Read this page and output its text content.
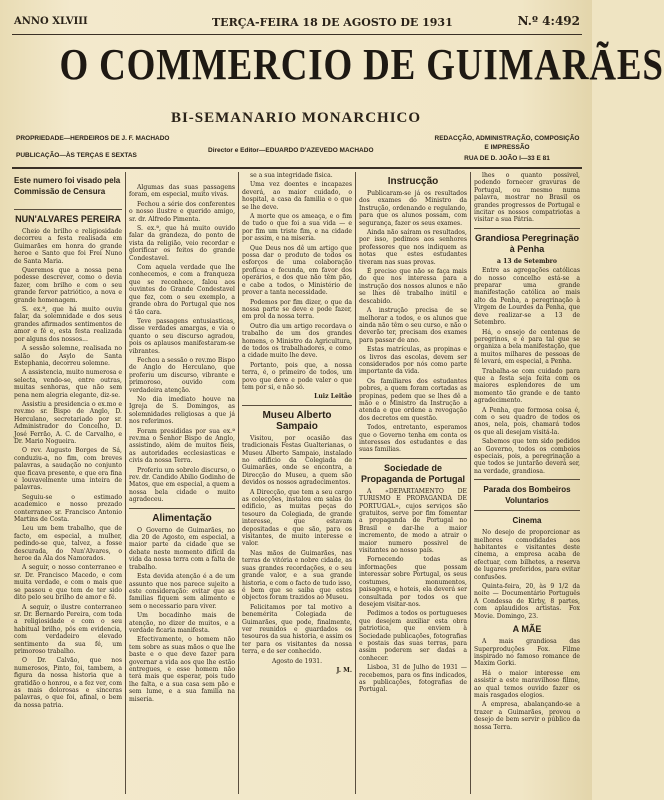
ANNO XLVIII	TERÇA-FEIRA 18 DE AGOSTO DE 1931	N.º 4:492
O COMMERCIO DE GUIMARÃES
BI-SEMANARIO MONARCHICO
PROPRIEDADE—HERDEIROS DE J. F. MACHADO
PUBLICAÇÃO—ÀS TERÇAS E SEXTAS
Director e Editor—EDUARDO D'AZEVEDO MACHADO
REDACÇÃO, ADMINISTRAÇÃO, COMPOSIÇÃO E IMPRESSÃO
RUA DE D. JOÃO I—33 E 81
Este numero foi visado pela Commissão de Censura
NUN'ALVARES PEREIRA

Cheio de brilho e religiosidade decorreu a festa realisada em Guimarães em honra do grande heroe e Santo que foi Frei Nuno de Santa Maria.

Queremos que a nossa pena podesse descrever, como o devia fazer, com brilho e com o seu grande fervor patriótico, a nova e grande homenagem.

S. ex.ª, que há muito ouviu falar, da solemnidade e dos seus grandes afirmados sentimentos de amor e fé e, esta festa realizada por alguns dos nossos...

A sessão solemne, realisada no salão do Asylo de Santa Estephania, decorreu solemne.

A assistencia, muito numerosa e selecta, vendo-se, entre outras, muitas senhoras, que não sem pena nem alegria elegante, diz-se.

Assistiu a presidencia o ex.mo e rev.mo sr. Bispo de Anglo, D. Herculano, secretariado por sr. Administrador do Concelho, D. José Ferrão, A. C. de Carvalho, e Dr. Mario Nogueira.

O rev. Augusto Borges de Sá, conduziu-a, no fim, com breves palavras, a saudação no conjunto que ficava presente, e que era fina e louvavelmente uma inteira de palavras.

Seguiu-se o estimado academico e nosso prezado conterraneo sr. Francisco Antonio Martins de Costa.

Leu um bem trabalho, que de facto, em especial, a mulher, pedindo-se que, talvez, a fosse descurada, do Nun'Alvares, o heroe da Ala dos Namorados.

A seguir, o nosso conterraneo e sr. Dr. Francisco Macedo, e com muita verdade, e com o mais que se passou e que tem de ter sido dito pelo seu brilho de amor e fé.

A seguir, o ilustre conterraneo sr. Dr. Bernardo Pereira, com toda a religiosidade e com o seu habitual brilho, pôs em evidencia, com verdadeiro elevado sentimento da sua fé, um primoroso trabalho.

O Dr. Calvão, que nos numerosos, Pinto, foi, tambem, a figura da nossa historia que a gratidão o honrou, e a fez ver, com as mais dolorosas e sinceras palavras, o que foi, afinal, o bem da nossa patria.

Algumas das suas passagens foram, em especial, muito vivas.

Fechou a série dos conferentes o nosso ilustre e querido amigo, sr. dr. Alfredo Pimenta.

S. ex.ª, que há muito ouvido falar da grandeza, do ponto de vista da religião, veio recordar e glorificar os feitos do grande Condestavel.

Com aquela verdade que lhe conhecemos, e com a franqueza que se reconhece, falou aos ouvintes do Grande Condestavel que fez, com o seu exemplo, a grande obra do Portugal que nos é tão cara.

Teve passagens entusiasticas, disse verdades amargas, e via o quanto o seu discurso agradou, pois os aplausos manifestaram-se vibrantes.

Fechou a sessão o rev.mo Bispo de Anglo do Herculano, que proferiu um discurso, vibrante e primoroso, ouvido com verdadeira atenção.

No dia imediato houve na Igreja de S. Domingos, as solemnidades religiosas a que já nos referimos.

Foram presididas por sua ex.ª rev.ma o Senhor Bispo de Anglo, assistindo, além de muitos fieis, as autoridades ecclesiasticas e civis da nossa Terra.

Proferiu um sobrelo discurso, o rev. dr. Candido Abilio Godinho de Matos, que em especial, a quem a nossa bela cidade o muito agradeceu.

Alimentação

O Governo de Guimarães, no dia 20 de Agosto, em especial, a maior parte da cidade que se debate neste momento difícil da vida da nossa terra com a falta de trabalho.

Esta devida atenção é a de um assunto que nos parece sujeito a este consideração: evitar que as familias fiquem sem alimento e sem o necessario para viver.

Um bocadinho mais de atenção, no dizer de muitos, e a verdade ficaria manifesta.

Efectivamente, o homem não tem sobre as suas mãos o que lhe baste e o que deve fazer para governar a vida aos que lhe estão entregues, e esse homem não terá mais que esperar, pois tudo lhe falta, e a sua casa sem pão e sem lume, e a sua familia na miseria.

se a sua integridade fisica.

Uma vez doentes e incapazes deverá, ao maior cuidado, o hospital, a casa da familia e o que se lhe deve.

A morte que os ameaça, e o fim de tudo o que foi a sua vida — e por fim um triste fim, e na cidade por assim, e na miseria.

Que Deus nos dê um artigo que possa dar o produto de todos os esforços de uma colaboração profícua e fecunda, em favor dos operários, e dos que não têm pão, e cabe a todos, o Ministério de prover a tanta necessidade.

Podemos por fim dizer, o que da nossa parte se deve e pode fazer, em prol da nossa terra.

Outro dia um artigo recordava o trabalho de um dos grandes homens, o Ministro da Agricultura, de todos os trabalhadores, e como a cidade muito lhe deve.

Portanto, pois que, a nossa terra, é, o primeiro de todos, um povo que deve e pode valer o que tem por si, e não só.

Luiz Leitão

Museu Alberto Sampaio

Visitou, por ocasião das tradicionais Festas Gualterianas, o Museu Alberto Sampaio, instalado no edificio da Colegiada de Guimarães, onde se encontra, a Direcção do Museu, a quem são devidos os nossos agradecimentos.

A Direcção, que tem a seu cargo as colecções, instalou em salas do edificio, as muitas peças do tesouro da Colegiada, de grande interesse, que estavam depositadas e que são, para os visitantes, de muito interesse e valor.

Nas mãos de Guimarães, nas terras de vitória e nobre cidade, as suas grandes recordações, e o seu grande valor, e a sua grande historia, e com o facto de tudo isso, é bem que se saiba que estes objectos foram trazidos ao Museu.

Felicitamos por tal motivo a benemérita Colegiada de Guimarães, que pode, finalmente, ver reunidos e guardados os tesouros da sua historia, e assim os ter para os visitantes da nossa terra, e de ser conhecido.

Agosto de 1931.

J. M.

Instrucção

Publicaram-se já os resultados dos exames do Ministro da Instrução, ordenando e regulando, para que os alunos possam, com segurança, fazer os seus exames.

Ainda não saíram os resultados, por isso, pedimos aos senhores professores que nos indiquem as notas que estes estudantes tiveram nas suas provas.

É preciso que não se faça mais do que nos interessa para a instrução dos nossos alunos e não se lhes dê trabalho inútil e descabido.

A instrução precisa de se melhorar a todos, e os alunos que ainda não têm o seu curso, e não o deverão ter, precisam dos exames para passar de ano.

Estas matrículas, as propinas e os livros das escolas, devem ser considerados por nós como parte importante da vida.

Os familiares dos estudantes pobres, a quem foram cortadas as propinas, pedem que se lhes dê a mão e o Ministro da Instrução a atenda e que ordene a revogação dos decretos em questão.

Todos, entretanto, esperamos que o Governo tenha em conta os interesses dos estudantes e das suas familias.

Sociedade de Propaganda de Portugal

A «DEPARTAMENTO DE TURISMO E PROPAGANDA DE PORTUGAL», cujos serviços são gratuitos, serve por fim fomentar a propaganda de Portugal no Brasil e dar-lhe a maior incremento, de modo a atrair o maior numero possivel de visitantes ao nosso país.

Fornecendo todas as informações que possam interessar sobre Portugal, os seus costumes, monumentos, paisagens, e hoteis, ela deverá ser consultada por todos os que desejem visitar-nos.

Pedimos a todos os portugueses que desejem auxiliar esta obra patriotica, que enviem à Sociedade publicações, fotografias e postais das suas terras, para assim poderem ser dadas a conhecer.

Lisboa, 31 de Julho de 1931 — recebemos, para os fins indicados, as publicações, fotografias de Portugal.

lhes o quanto possivel, podendo fornecer gravuras de Portugal, ou mesmo numa palavra, mostrar no Brasil os grandes progressos de Portugal e incitar os nossos compatriotas a visitar a sua Pátria.

Grandiosa Peregrinação à Penha

a 13 de Setembro

Entre as agregações católicas do nosso concelho está-se a preparar uma grande manifestação católica ao mais alto da Penha, a peregrinação à Virgem de Lourdes da Penha, que deve realizar-se a 13 de Setembro.

Há, o ensejo de centenas de peregrinos, e é para tal que se organiza a bela manifestação, que a muitos milhares de pessoas de fé levará, em especial, a Penha.

Trabalha-se com cuidado para que a festa seja feita com os maiores esplendores de um momento tão grande e de tanto agradecimento.

A Penha, que formosa coisa é, com o seu quadro de todos os anos, nela, pois, chamará todos os que ali desejam visitá-la.

Sabemos que tem sido pedidos ao Governo, todos os comboios especiais, pois, a peregrinação a que todos se juntarão deverá ser, na verdade, grandiosa.

Parada dos Bombeiros Voluntarios
Cinema

No desejo de proporcionar as melhores comodidades aos habitantes e visitantes deste cinema, a empresa acaba de efectuar, com bilhetes, a reserva de lugares preferidos, para evitar confusões.

Quinta-feira, 20, às 9 1/2 da noite — Documentário Português A Condessa de Kirby, 8 partes, com aplaudidos artistas. Fox Movie. Domingo, 23.

A MÃE

A mais grandiosa das Superproduções Fox. Filme inspirado no famoso romance de Maxim Gorki.

Há o maior interesse em assistir a este maravilhoso filme, ao qual temos ouvido fazer os mais rasgados elogios.

A empresa, abalançando-se a trazer a Guimarães, provou o desejo de bem servir o público da nossa Terra.
